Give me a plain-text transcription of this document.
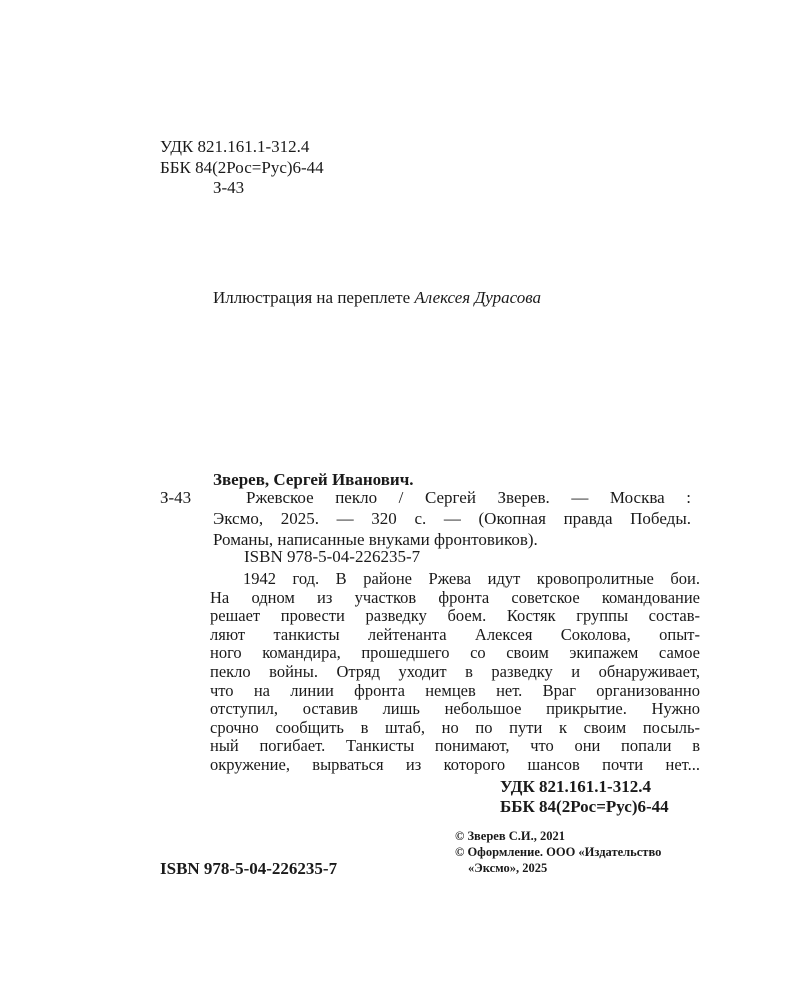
УДК 821.161.1-312.4
ББК 84(2Рос=Рус)6-44
З-43
Иллюстрация на переплете Алексея Дурасова
Зверев, Сергей Иванович.
З-43	Ржевское пекло / Сергей Зверев. — Москва :
Эксмо, 2025. — 320 с. — (Окопная правда Победы.
Романы, написанные внуками фронтовиков).
ISBN 978-5-04-226235-7
1942 год. В районе Ржева идут кровопролитные бои.
На одном из участков фронта советское командование
решает провести разведку боем. Костяк группы состав-
ляют танкисты лейтенанта Алексея Соколова, опыт-
ного командира, прошедшего со своим экипажем самое
пекло войны. Отряд уходит в разведку и обнаруживает,
что на линии фронта немцев нет. Враг организованно
отступил, оставив лишь небольшое прикрытие. Нужно
срочно сообщить в штаб, но по пути к своим посыль-
ный погибает. Танкисты понимают, что они попали в
окружение, вырваться из которого шансов почти нет...
УДК 821.161.1-312.4
ББК 84(2Рос=Рус)6-44
ISBN 978-5-04-226235-7
© Зверев С.И., 2021
© Оформление. ООО «Издательство
«Эксмо», 2025
